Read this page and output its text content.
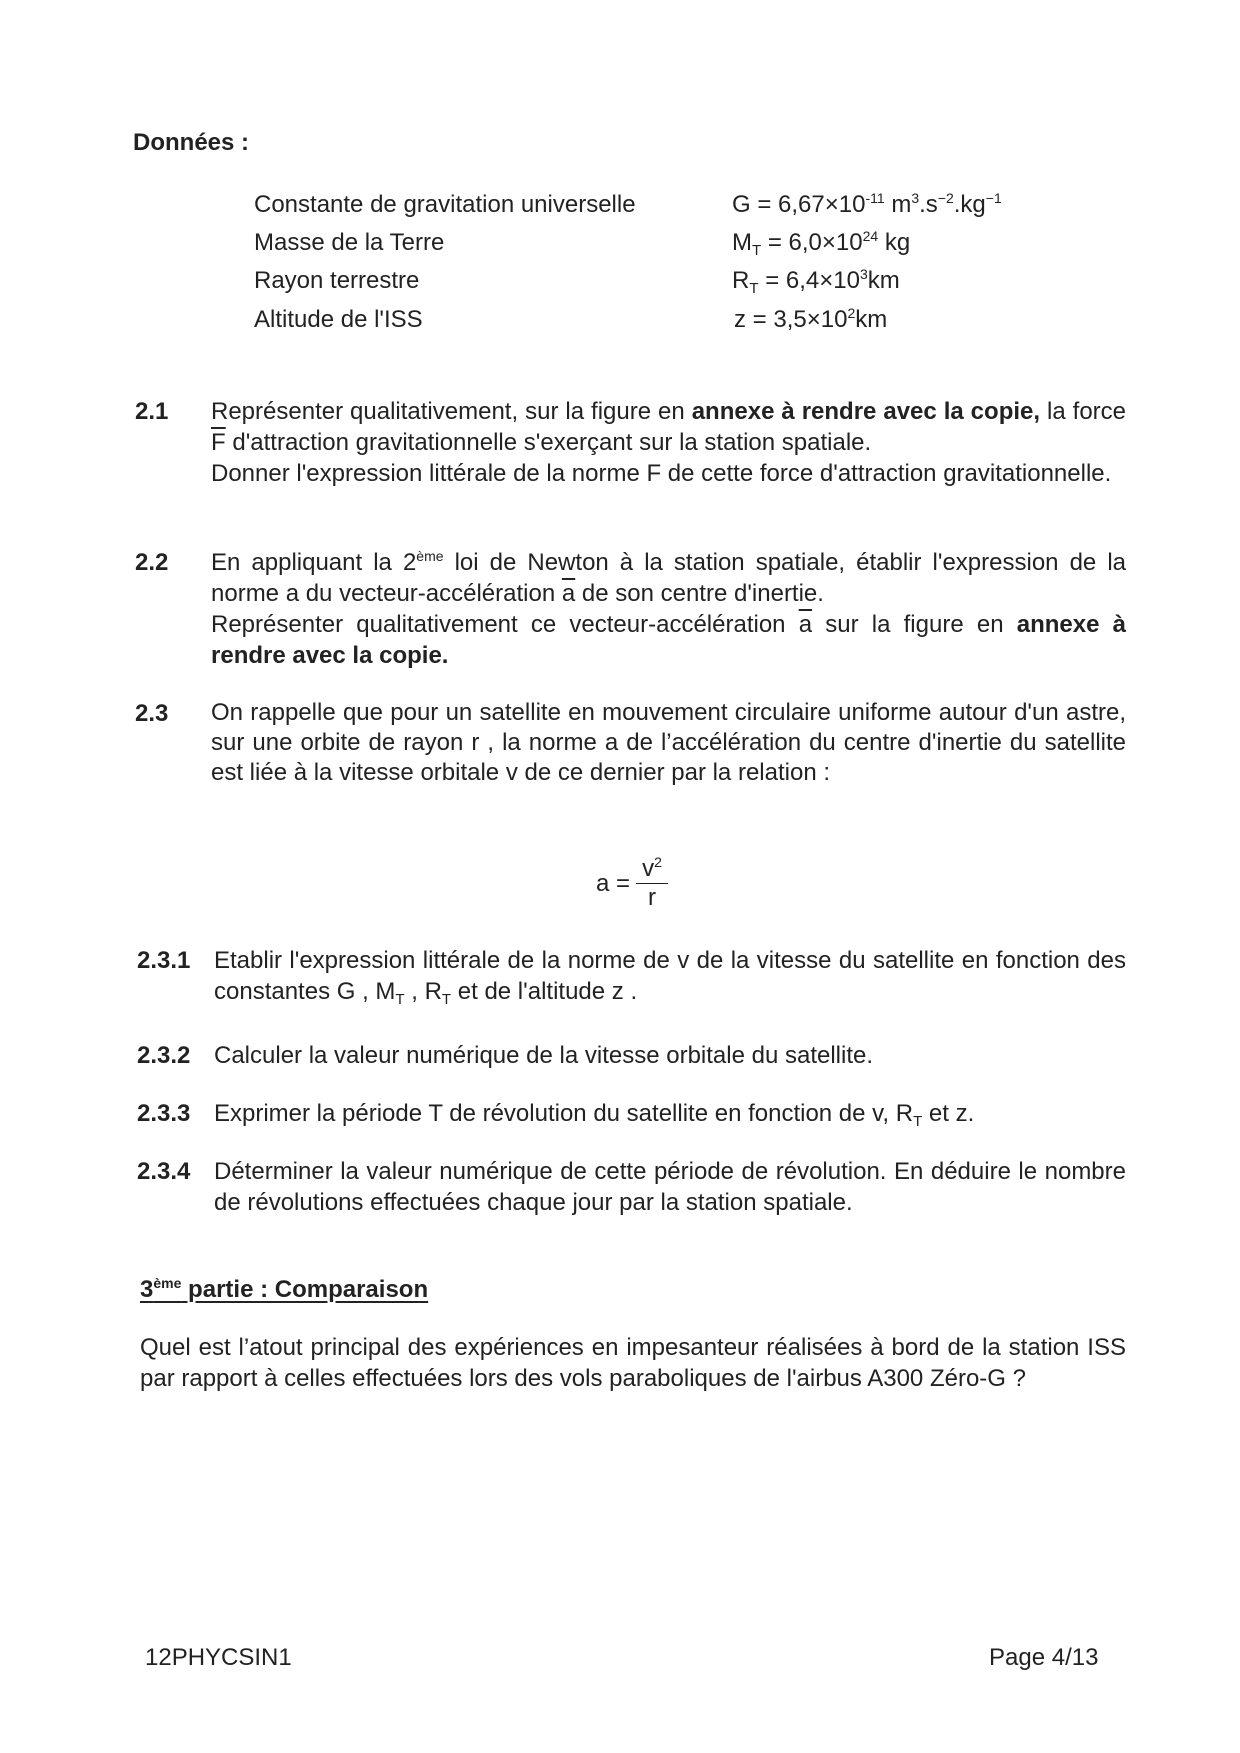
Données :
Constante de gravitation universelle
Masse de la Terre
Rayon terrestre
Altitude de l'ISS
$G = 6,67\times 10^{-11}$ $m^3.s^{-2}.kg^{-1}$
$M_T = 6,0\times 10^{24}$ kg
$R_T = 6,4\times 10^3km$
$z = 3,5\times 10^2km$
2.1 Représenter qualitativement, sur la figure en annexe à rendre avec la copie, la force $\overline{F}$ d'attraction gravitationnelle s'exerçant sur la station spatiale.
Donner l'expression littérale de la norme F de cette force d'attraction gravitationnelle.
2.2 En appliquant la 2ème loi de Newton à la station spatiale, établir l'expression de la norme a du vecteur-accélération $\overline{a}$ de son centre d'inertie.
Représenter qualitativement ce vecteur-accélération $\overline{a}$ sur la figure en annexe à rendre avec la copie.
2.3 On rappelle que pour un satellite en mouvement circulaire uniforme autour d'un astre, sur une orbite de rayon r , la norme a de l’accélération du centre d'inertie du satellite est liée à la vitesse orbitale v de ce dernier par la relation :
a =
$v^2$
r
2.3.1 Etablir l'expression littérale de la norme de v de la vitesse du satellite en fonction des constantes G , $M_T$ , $R_T$ et de l'altitude z .
2.3.2 Calculer la valeur numérique de la vitesse orbitale du satellite.
2.3.3 Exprimer la période T de révolution du satellite en fonction de v, $R_T$ et z.
2.3.4 Déterminer la valeur numérique de cette période de révolution. En déduire le nombre de révolutions effectuées chaque jour par la station spatiale.
3ème partie : Comparaison
Quel est l’atout principal des expériences en impesanteur réalisées à bord de la station ISS par rapport à celles effectuées lors des vols paraboliques de l'airbus A300 Zéro-G ?
12PHYCSIN1	Page 4/13
